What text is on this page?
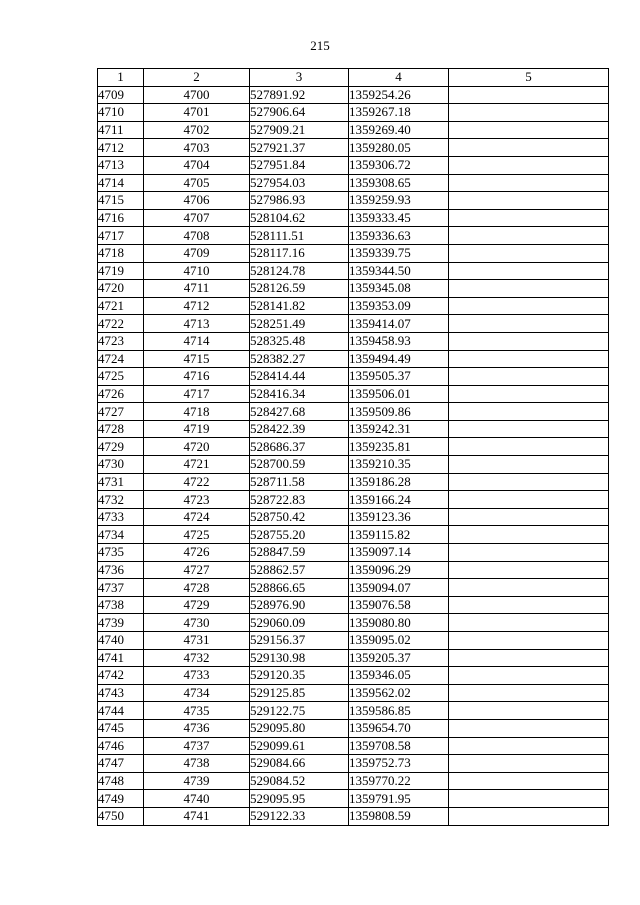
215
1	2	3	4	5
4709	4700	527891.92	1359254.26	
4710	4701	527906.64	1359267.18	
4711	4702	527909.21	1359269.40	
4712	4703	527921.37	1359280.05	
4713	4704	527951.84	1359306.72	
4714	4705	527954.03	1359308.65	
4715	4706	527986.93	1359259.93	
4716	4707	528104.62	1359333.45	
4717	4708	528111.51	1359336.63	
4718	4709	528117.16	1359339.75	
4719	4710	528124.78	1359344.50	
4720	4711	528126.59	1359345.08	
4721	4712	528141.82	1359353.09	
4722	4713	528251.49	1359414.07	
4723	4714	528325.48	1359458.93	
4724	4715	528382.27	1359494.49	
4725	4716	528414.44	1359505.37	
4726	4717	528416.34	1359506.01	
4727	4718	528427.68	1359509.86	
4728	4719	528422.39	1359242.31	
4729	4720	528686.37	1359235.81	
4730	4721	528700.59	1359210.35	
4731	4722	528711.58	1359186.28	
4732	4723	528722.83	1359166.24	
4733	4724	528750.42	1359123.36	
4734	4725	528755.20	1359115.82	
4735	4726	528847.59	1359097.14	
4736	4727	528862.57	1359096.29	
4737	4728	528866.65	1359094.07	
4738	4729	528976.90	1359076.58	
4739	4730	529060.09	1359080.80	
4740	4731	529156.37	1359095.02	
4741	4732	529130.98	1359205.37	
4742	4733	529120.35	1359346.05	
4743	4734	529125.85	1359562.02	
4744	4735	529122.75	1359586.85	
4745	4736	529095.80	1359654.70	
4746	4737	529099.61	1359708.58	
4747	4738	529084.66	1359752.73	
4748	4739	529084.52	1359770.22	
4749	4740	529095.95	1359791.95	
4750	4741	529122.33	1359808.59	
